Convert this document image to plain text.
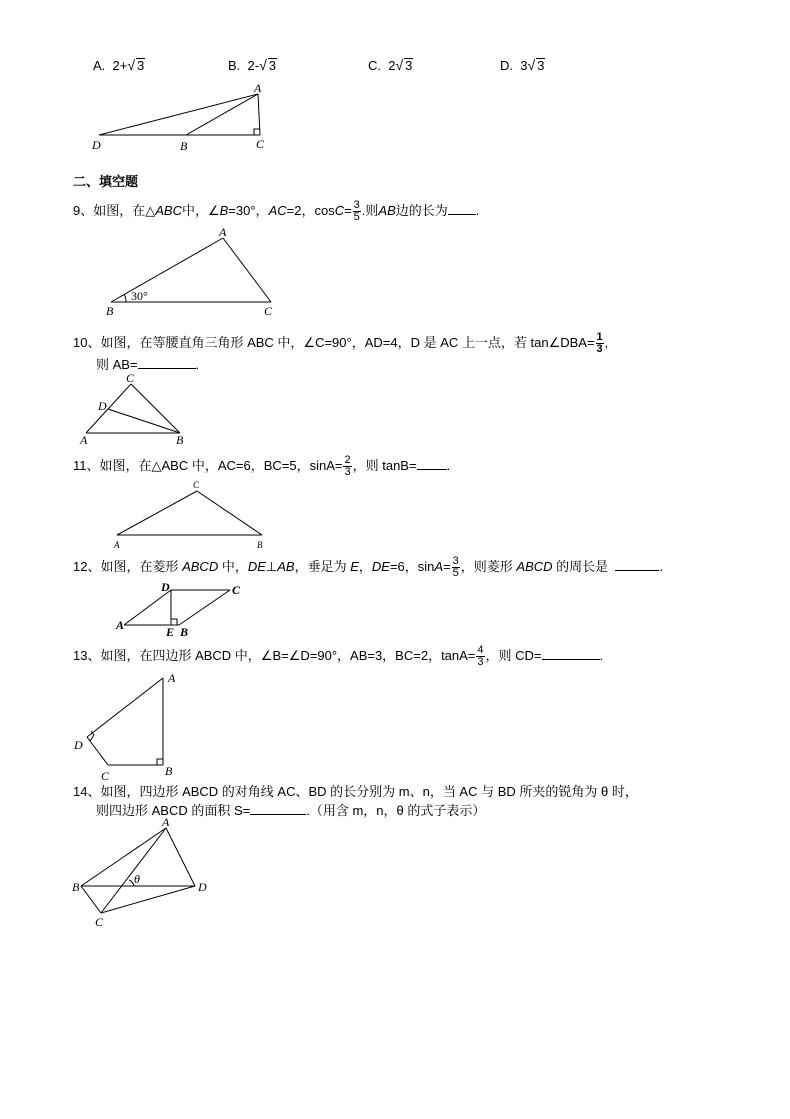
A. 2+√ 3	B. 2-√ 3	C. 2√ 3	D. 3√ 3
A
B	C
D
二、填空题
9、如图，在△ABC中，∠B=30°，AC=2，$\cos C= \frac{3}{5}$ .则AB边的长为 .
A
B	C
30°
10、如图，在等腰直角三角形 ABC 中，∠C=90°，AD=4，D 是 AC 上一点，若 tan∠DBA= $\frac{1}{3}$ ,
则 AB=	.
A	B
C
D
11、如图，在△ABC 中，AC=6，BC=5，$\sin A= \frac{2}{3}$ ，则 tanB= .
A	B
C
12、如图，在菱形 ABCD 中，DE⊥AB，垂足为 E，DE=6，$\sin A= \frac{3}{5}$ ，则菱形 ABCD 的周长是	.
A	B
C
D
E
13、如图，在四边形 ABCD 中，∠B=∠D=90°，AB=3，BC=2，$\tan A= \frac{4}{3}$ ，则 CD=	.
A
B
C
D
14、如图，四边形 ABCD 的对角线 AC、BD 的长分别为 m、n，当 AC 与 BD 所夹的锐角为 θ 时，
则四边形 ABCD 的面积 S=	.（用含 m，n，θ 的式子表示）
A
B
C
D
θ
